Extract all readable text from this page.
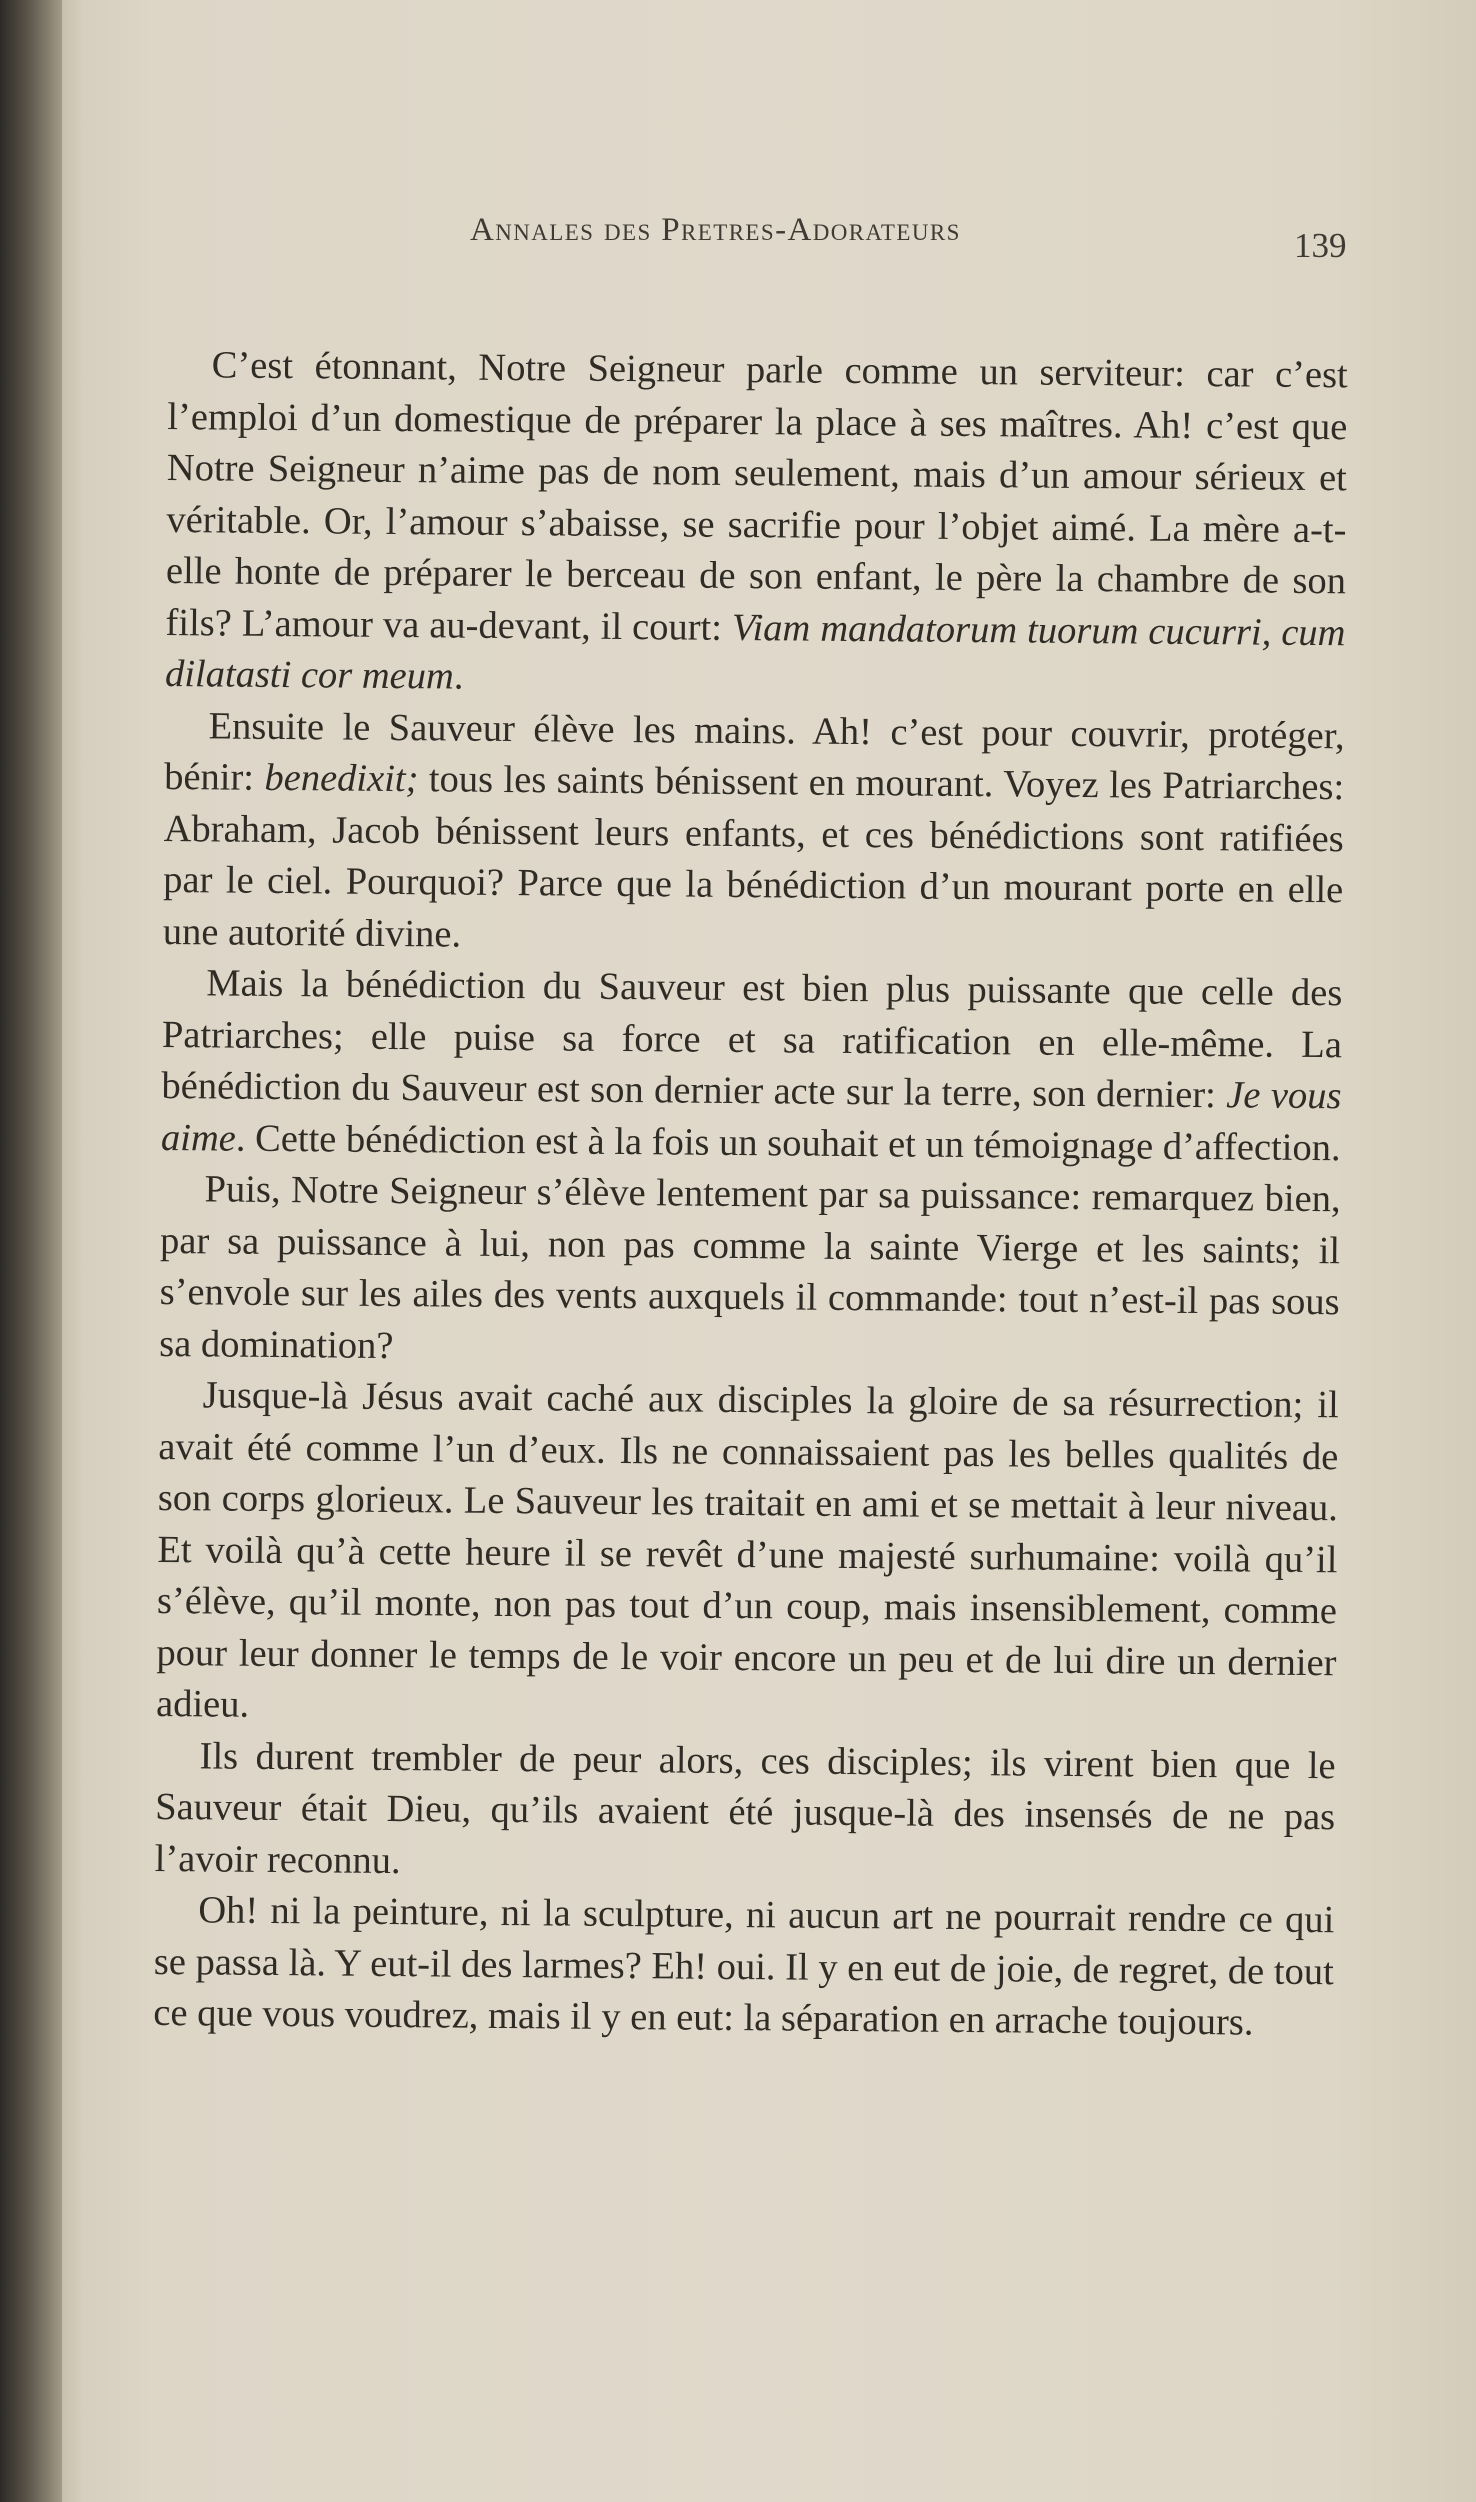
Annales des Pretres-Adorateurs	139

C’est étonnant, Notre Seigneur parle comme un serviteur: car c’est l’emploi d’un domestique de préparer la place à ses maîtres. Ah! c’est que Notre Seigneur n’aime pas de nom seulement, mais d’un amour sérieux et véritable. Or, l’amour s’abaisse, se sacrifie pour l’objet aimé. La mère a-t-elle honte de préparer le berceau de son enfant, le père la chambre de son fils? L’amour va au-devant, il court: Viam mandatorum tuorum cucurri, cum dilatasti cor meum.

Ensuite le Sauveur élève les mains. Ah! c’est pour couvrir, protéger, bénir: benedixit; tous les saints bénissent en mourant. Voyez les Patriarches: Abraham, Jacob bénissent leurs enfants, et ces bénédictions sont ratifiées par le ciel. Pourquoi? Parce que la bénédiction d’un mourant porte en elle une autorité divine.

Mais la bénédiction du Sauveur est bien plus puissante que celle des Patriarches; elle puise sa force et sa ratification en elle-même. La bénédiction du Sauveur est son dernier acte sur la terre, son dernier: Je vous aime. Cette bénédiction est à la fois un souhait et un témoignage d’affection.

Puis, Notre Seigneur s’élève lentement par sa puissance: remarquez bien, par sa puissance à lui, non pas comme la sainte Vierge et les saints; il s’envole sur les ailes des vents auxquels il commande: tout n’est-il pas sous sa domination?

Jusque-là Jésus avait caché aux disciples la gloire de sa résurrection; il avait été comme l’un d’eux. Ils ne connaissaient pas les belles qualités de son corps glorieux. Le Sauveur les traitait en ami et se mettait à leur niveau. Et voilà qu’à cette heure il se revêt d’une majesté surhumaine: voilà qu’il s’élève, qu’il monte, non pas tout d’un coup, mais insensiblement, comme pour leur donner le temps de le voir encore un peu et de lui dire un dernier adieu.

Ils durent trembler de peur alors, ces disciples; ils virent bien que le Sauveur était Dieu, qu’ils avaient été jusque-là des insensés de ne pas l’avoir reconnu.

Oh! ni la peinture, ni la sculpture, ni aucun art ne pourrait rendre ce qui se passa là. Y eut-il des larmes? Eh! oui. Il y en eut de joie, de regret, de tout ce que vous voudrez, mais il y en eut: la séparation en arrache toujours.
